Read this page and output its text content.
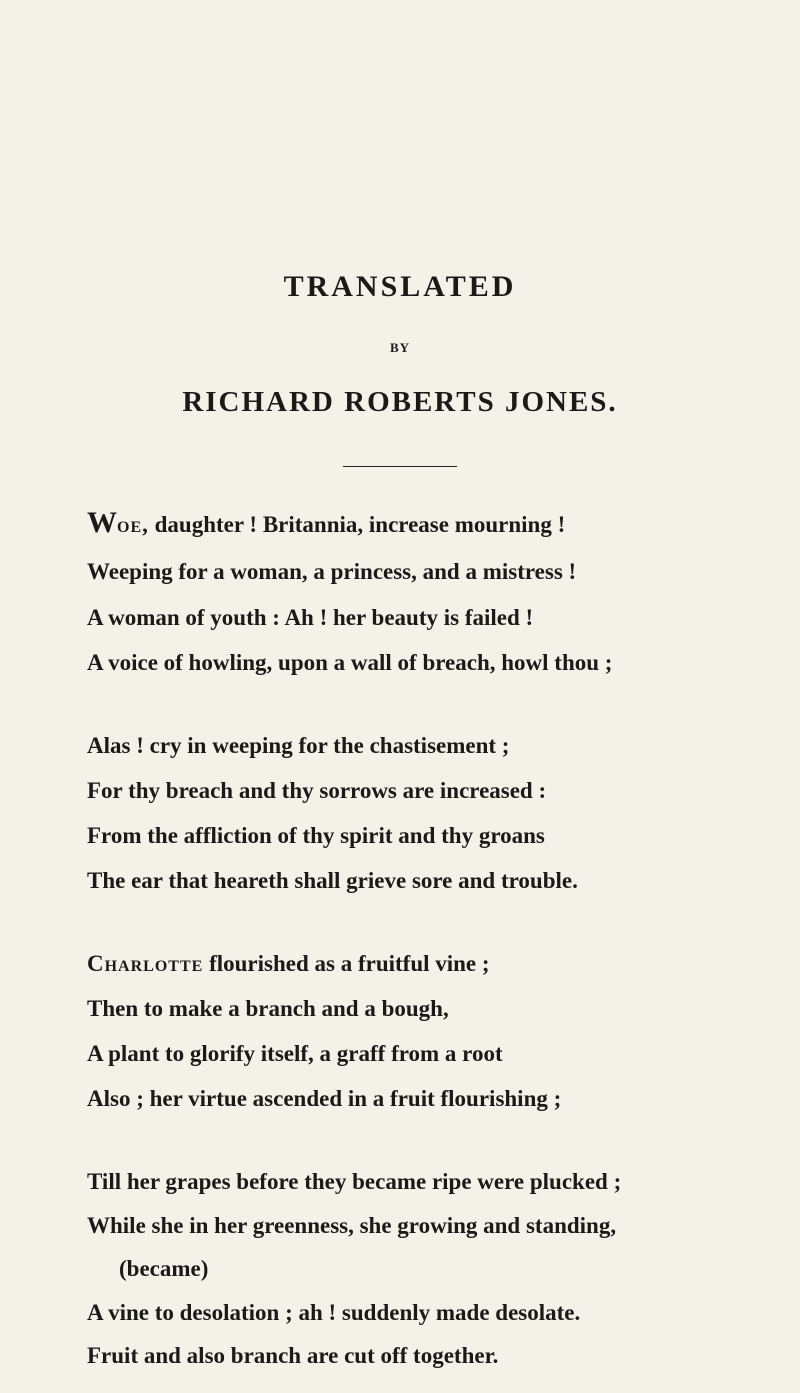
TRANSLATED
BY
RICHARD ROBERTS JONES.
Woe, daughter ! Britannia, increase mourning !
Weeping for a woman, a princess, and a mistress !
A woman of youth : Ah ! her beauty is failed !
A voice of howling, upon a wall of breach, howl thou ;
Alas ! cry in weeping for the chastisement ;
For thy breach and thy sorrows are increased :
From the affliction of thy spirit and thy groans
The ear that heareth shall grieve sore and trouble.
Charlotte flourished as a fruitful vine ;
Then to make a branch and a bough,
A plant to glorify itself, a graff from a root
Also ; her virtue ascended in a fruit flourishing ;
Till her grapes before they became ripe were plucked ;
While she in her greenness, she growing and standing,
(became)
A vine to desolation ; ah ! suddenly made desolate.
Fruit and also branch are cut off together.
